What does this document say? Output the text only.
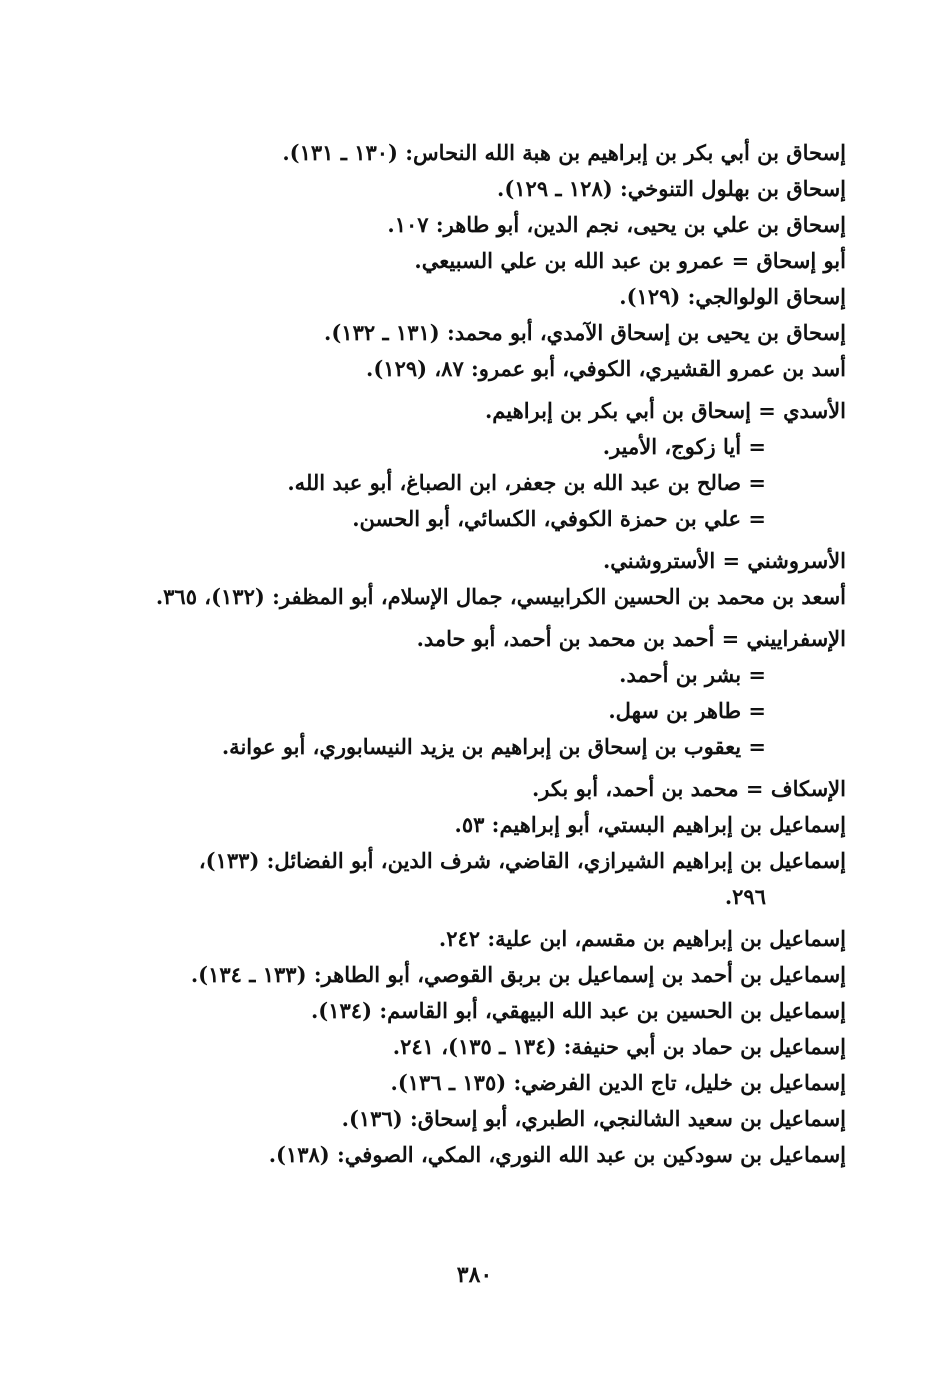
إسحاق بن أبي بكر بن إبراهيم بن هبة الله النحاس: (١٣٠ ـ ١٣١).
إسحاق بن بهلول التنوخي: (١٢٨ ـ ١٢٩).
إسحاق بن علي بن يحيى، نجم الدين، أبو طاهر: ١٠٧.
أبو إسحاق = عمرو بن عبد الله بن علي السبيعي.
إسحاق الولوالجي: (١٢٩).
إسحاق بن يحيى بن إسحاق الآمدي، أبو محمد: (١٣١ ـ ١٣٢).
أسد بن عمرو القشيري، الكوفي، أبو عمرو: ٨٧، (١٢٩).
الأسدي = إسحاق بن أبي بكر بن إبراهيم.
= أيا زكوج، الأمير.
= صالح بن عبد الله بن جعفر، ابن الصباغ، أبو عبد الله.
= علي بن حمزة الكوفي، الكسائي، أبو الحسن.
الأسروشني = الأستروشني.
أسعد بن محمد بن الحسين الكرابيسي، جمال الإسلام، أبو المظفر: (١٣٢)، ٣٦٥.
الإسفراييني = أحمد بن محمد بن أحمد، أبو حامد.
= بشر بن أحمد.
= طاهر بن سهل.
= يعقوب بن إسحاق بن إبراهيم بن يزيد النيسابوري، أبو عوانة.
الإسكاف = محمد بن أحمد، أبو بكر.
إسماعيل بن إبراهيم البستي، أبو إبراهيم: ٥٣.
إسماعيل بن إبراهيم الشيرازي، القاضي، شرف الدين، أبو الفضائل: (١٣٣)،
٢٩٦.
إسماعيل بن إبراهيم بن مقسم، ابن علية: ٢٤٢.
إسماعيل بن أحمد بن إسماعيل بن بربق القوصي، أبو الطاهر: (١٣٣ ـ ١٣٤).
إسماعيل بن الحسين بن عبد الله البيهقي، أبو القاسم: (١٣٤).
إسماعيل بن حماد بن أبي حنيفة: (١٣٤ ـ ١٣٥)، ٢٤١.
إسماعيل بن خليل، تاج الدين الفرضي: (١٣٥ ـ ١٣٦).
إسماعيل بن سعيد الشالنجي، الطبري، أبو إسحاق: (١٣٦).
إسماعيل بن سودكين بن عبد الله النوري، المكي، الصوفي: (١٣٨).
٣٨٠
